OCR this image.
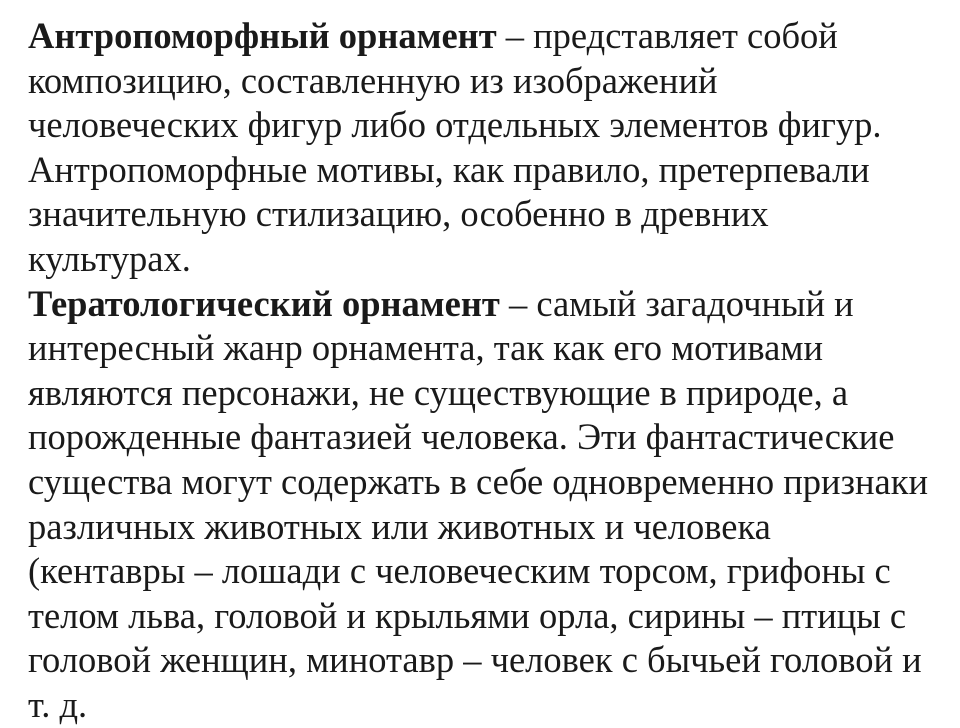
Антропоморфный орнамент – представляет собой
композицию, составленную из изображений
человеческих фигур либо отдельных элементов фигур.
Антропоморфные мотивы, как правило, претерпевали
значительную стилизацию, особенно в древних
культурах.
Тератологический орнамент – самый загадочный и
интересный жанр орнамента, так как его мотивами
являются персонажи, не существующие в природе, а
порожденные фантазией человека. Эти фантастические
существа могут содержать в себе одновременно признаки
различных животных или животных и человека
(кентавры – лошади с человеческим торсом, грифоны с
телом льва, головой и крыльями орла, сирины – птицы с
головой женщин, минотавр – человек с бычьей головой и
т. д.
